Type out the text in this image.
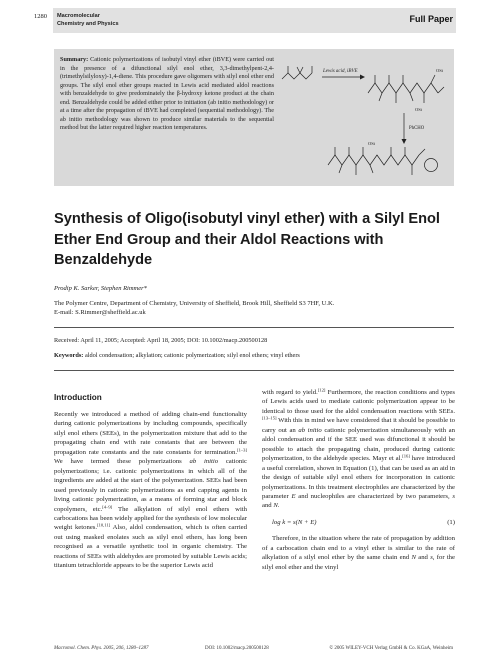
1280 Macromolecular
Chemistry and Physics	Full Paper
Summary: Cationic polymerizations of isobutyl vinyl ether (iBVE) were carried out in the presence of a difunctional silyl enol ether, 3,3-dimethylpent-2,4-(trimethylsilyloxy)-1,4-diene. This procedure gave oligomers with silyl enol ether end groups. The silyl enol ether groups reacted in Lewis acid mediated aldol reactions with benzaldehyde to give predominately the β-hydroxy ketone product at the chain end. Benzaldehyde could be added either prior to initiation (ab initio methodology) or at a time after the propagation of iBVE had completed (sequential methodology). The ab initio methodology was shown to produce similar materials to the sequential method but the latter required higher reaction temperatures.
Lewis acid, iBVE	OSi
OSi
PhCHO
OSi
Synthesis of Oligo(isobutyl vinyl ether) with a Silyl Enol Ether End Group and their Aldol Reactions with Benzaldehyde
Prodip K. Sarker, Stephen Rimmer*
The Polymer Centre, Department of Chemistry, University of Sheffield, Brook Hill, Sheffield S3 7HF, U.K.
E-mail: S.Rimmer@sheffield.ac.uk
Received: April 11, 2005; Accepted: April 18, 2005; DOI: 10.1002/macp.200500128
Keywords: aldol condensation; alkylation; cationic polymerization; silyl enol ethers; vinyl ethers
Introduction

Recently we introduced a method of adding chain-end functionality during cationic polymerizations by including compounds, specifically silyl enol ethers (SEEs), in the polymerization mixture that add to the propagating chain end with rate constants that are between the propagation rate constants and the rate constants for termination.[1–3] We have termed these polymerizations ab initio cationic polymerizations; i.e. cationic polymerizations in which all of the ingredients are added at the start of the polymerization. SEEs had been used previously in cationic polymerizations as end capping agents in living cationic polymerization, as a means of forming star and block copolymers, etc.[4–9] The alkylation of silyl enol ethers with carbocations has been widely applied for the synthesis of low molecular weight ketones.[10,11] Also, aldol condensation, which is often carried out using masked enolates such as silyl enol ethers, has long been recognised as a versatile synthetic tool in organic chemistry. The reactions of SEEs with aldehydes are promoted by suitable Lewis acids; titanium tetrachloride appears to be the superior Lewis acid

with regard to yield.[12] Furthermore, the reaction conditions and types of Lewis acids used to mediate cationic polymerization appear to be identical to those used for the aldol condensation reactions with SEEs.[13–15] With this in mind we have considered that it should be possible to carry out an ab initio cationic polymerization simultaneously with an aldol condensation and if the SEE used was difunctional it should be possible to attach the propagating chain, produced during cationic polymerization, to the aldehyde species. Mayr et al.[16] have introduced a useful correlation, shown in Equation (1), that can be used as an aid in the design of suitable silyl enol ethers for incorporation in cationic polymerizations. In this treatment electrophiles are characterized by the parameter E and nucleophiles are characterized by two parameters, s and N.

log k = s(N + E)	(1)

Therefore, in the situation where the rate of propagation by addition of a carbocation chain end to a vinyl ether is similar to the rate of alkylation of a silyl enol ether by the same chain end N and s, for the silyl enol ether and the vinyl

Macromol. Chem. Phys. 2005, 206, 1280–1287	DOI: 10.1002/macp.200500128	© 2005 WILEY-VCH Verlag GmbH & Co. KGaA, Weinheim
